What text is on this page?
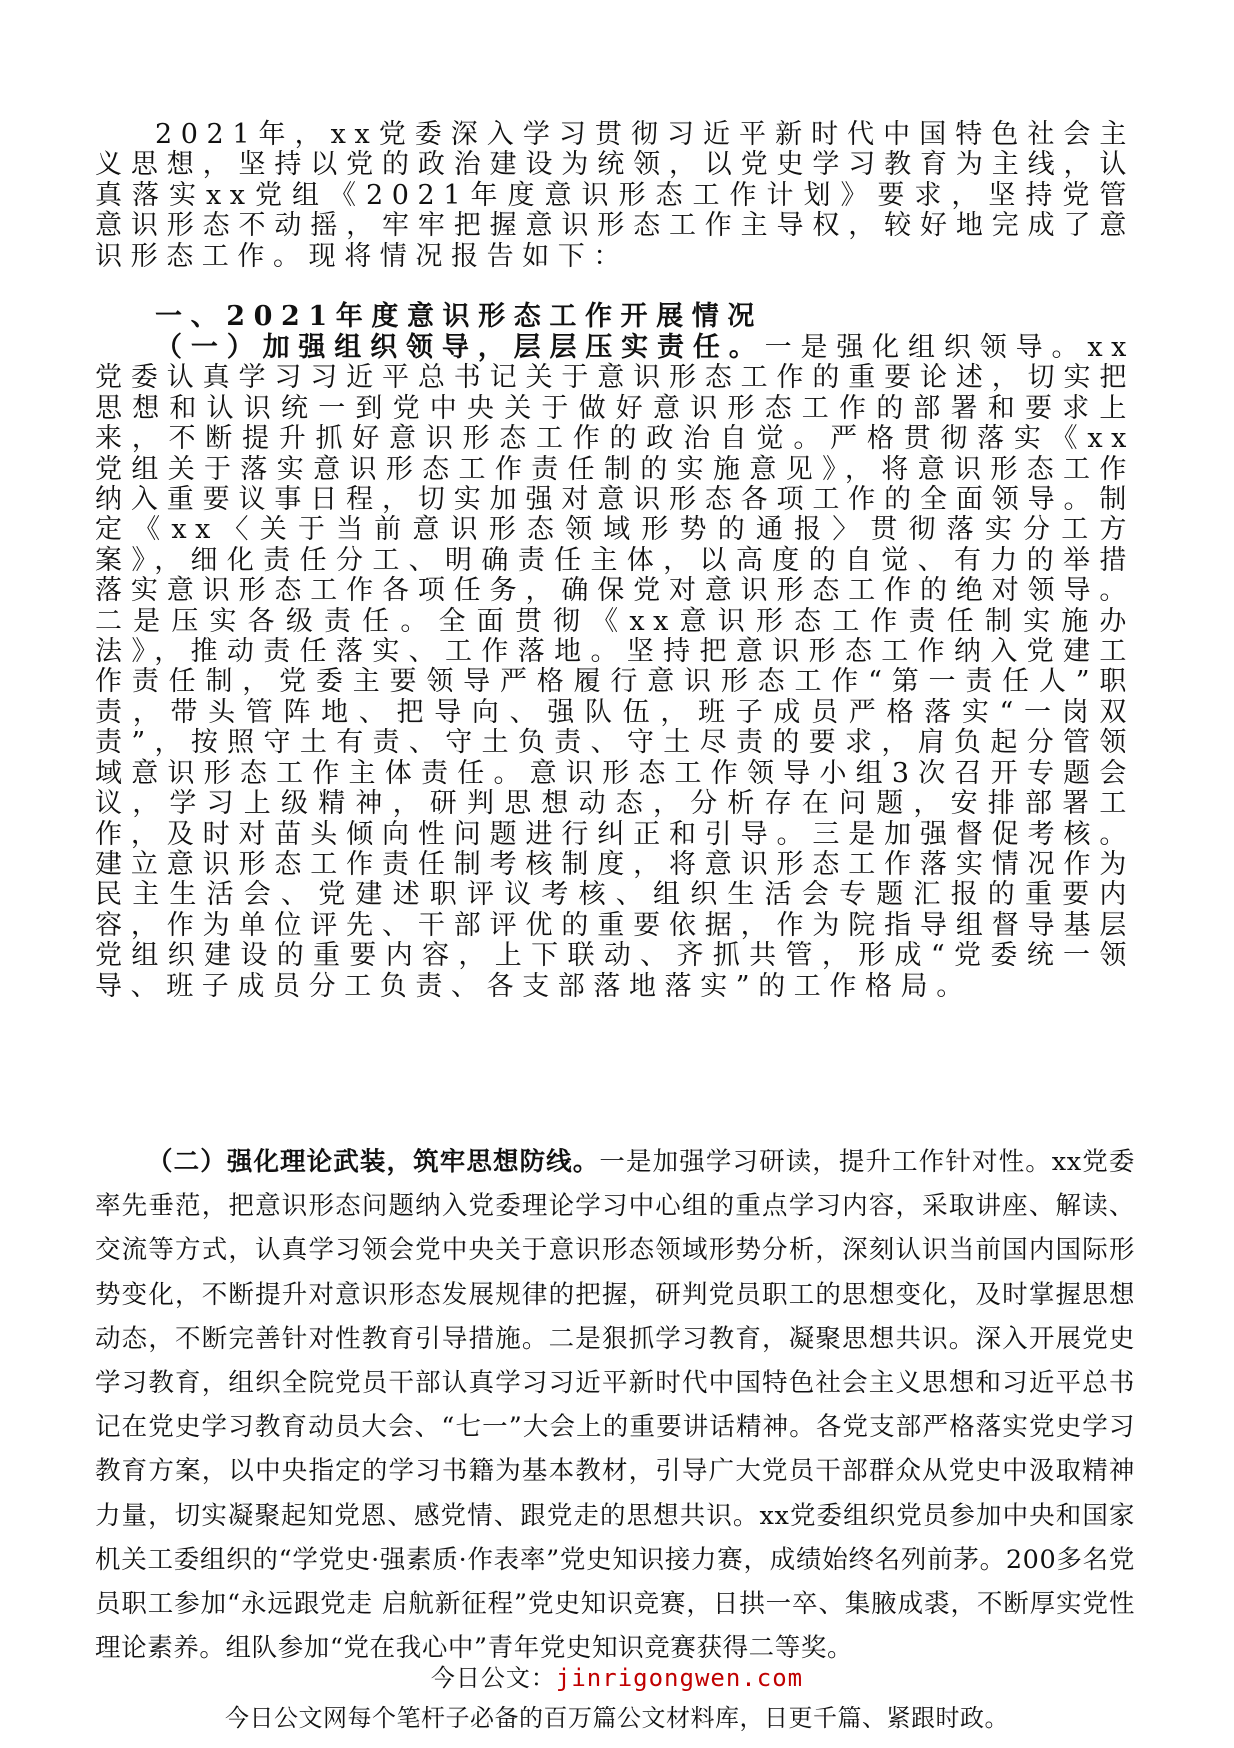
2021年，xx党委深入学习贯彻习近平新时代中国特色社会主义思想，坚持以党的政治建设为统领，以党史学习教育为主线，认真落实xx党组《2021年度意识形态工作计划》要求，坚持党管意识形态不动摇，牢牢把握意识形态工作主导权，较好地完成了意识形态工作。现将情况报告如下：

一、2021年度意识形态工作开展情况

（一）加强组织领导，层层压实责任。一是强化组织领导。xx党委认真学习习近平总书记关于意识形态工作的重要论述，切实把思想和认识统一到党中央关于做好意识形态工作的部署和要求上来，不断提升抓好意识形态工作的政治自觉。严格贯彻落实《xx党组关于落实意识形态工作责任制的实施意见》，将意识形态工作纳入重要议事日程，切实加强对意识形态各项工作的全面领导。制定《xx〈关于当前意识形态领域形势的通报〉贯彻落实分工方案》，细化责任分工、明确责任主体，以高度的自觉、有力的举措落实意识形态工作各项任务，确保党对意识形态工作的绝对领导。二是压实各级责任。全面贯彻《xx意识形态工作责任制实施办法》，推动责任落实、工作落地。坚持把意识形态工作纳入党建工作责任制，党委主要领导严格履行意识形态工作“第一责任人”职责，带头管阵地、把导向、强队伍，班子成员严格落实“一岗双责”，按照守土有责、守土负责、守土尽责的要求，肩负起分管领域意识形态工作主体责任。意识形态工作领导小组3次召开专题会议，学习上级精神，研判思想动态，分析存在问题，安排部署工作，及时对苗头倾向性问题进行纠正和引导。三是加强督促考核。建立意识形态工作责任制考核制度，将意识形态工作落实情况作为民主生活会、党建述职评议考核、组织生活会专题汇报的重要内容，作为单位评先、干部评优的重要依据，作为院指导组督导基层党组织建设的重要内容，上下联动、齐抓共管，形成“党委统一领导、班子成员分工负责、各支部落地落实”的工作格局。

（二）强化理论武装，筑牢思想防线。一是加强学习研读，提升工作针对性。xx党委率先垂范，把意识形态问题纳入党委理论学习中心组的重点学习内容，采取讲座、解读、交流等方式，认真学习领会党中央关于意识形态领域形势分析，深刻认识当前国内国际形势变化，不断提升对意识形态发展规律的把握，研判党员职工的思想变化，及时掌握思想动态，不断完善针对性教育引导措施。二是狠抓学习教育，凝聚思想共识。深入开展党史学习教育，组织全院党员干部认真学习习近平新时代中国特色社会主义思想和习近平总书记在党史学习教育动员大会、“七一”大会上的重要讲话精神。各党支部严格落实党史学习教育方案，以中央指定的学习书籍为基本教材，引导广大党员干部群众从党史中汲取精神力量，切实凝聚起知党恩、感党情、跟党走的思想共识。xx党委组织党员参加中央和国家机关工委组织的“学党史·强素质·作表率”党史知识接力赛，成绩始终名列前茅。200多名党员职工参加“永远跟党走 启航新征程”党史知识竞赛，日拱一卒、集腋成裘，不断厚实党性理论素养。组队参加“党在我心中”青年党史知识竞赛获得二等奖。

今日公文：jinrigongwen.com
今日公文网每个笔杆子必备的百万篇公文材料库，日更千篇、紧跟时政。
